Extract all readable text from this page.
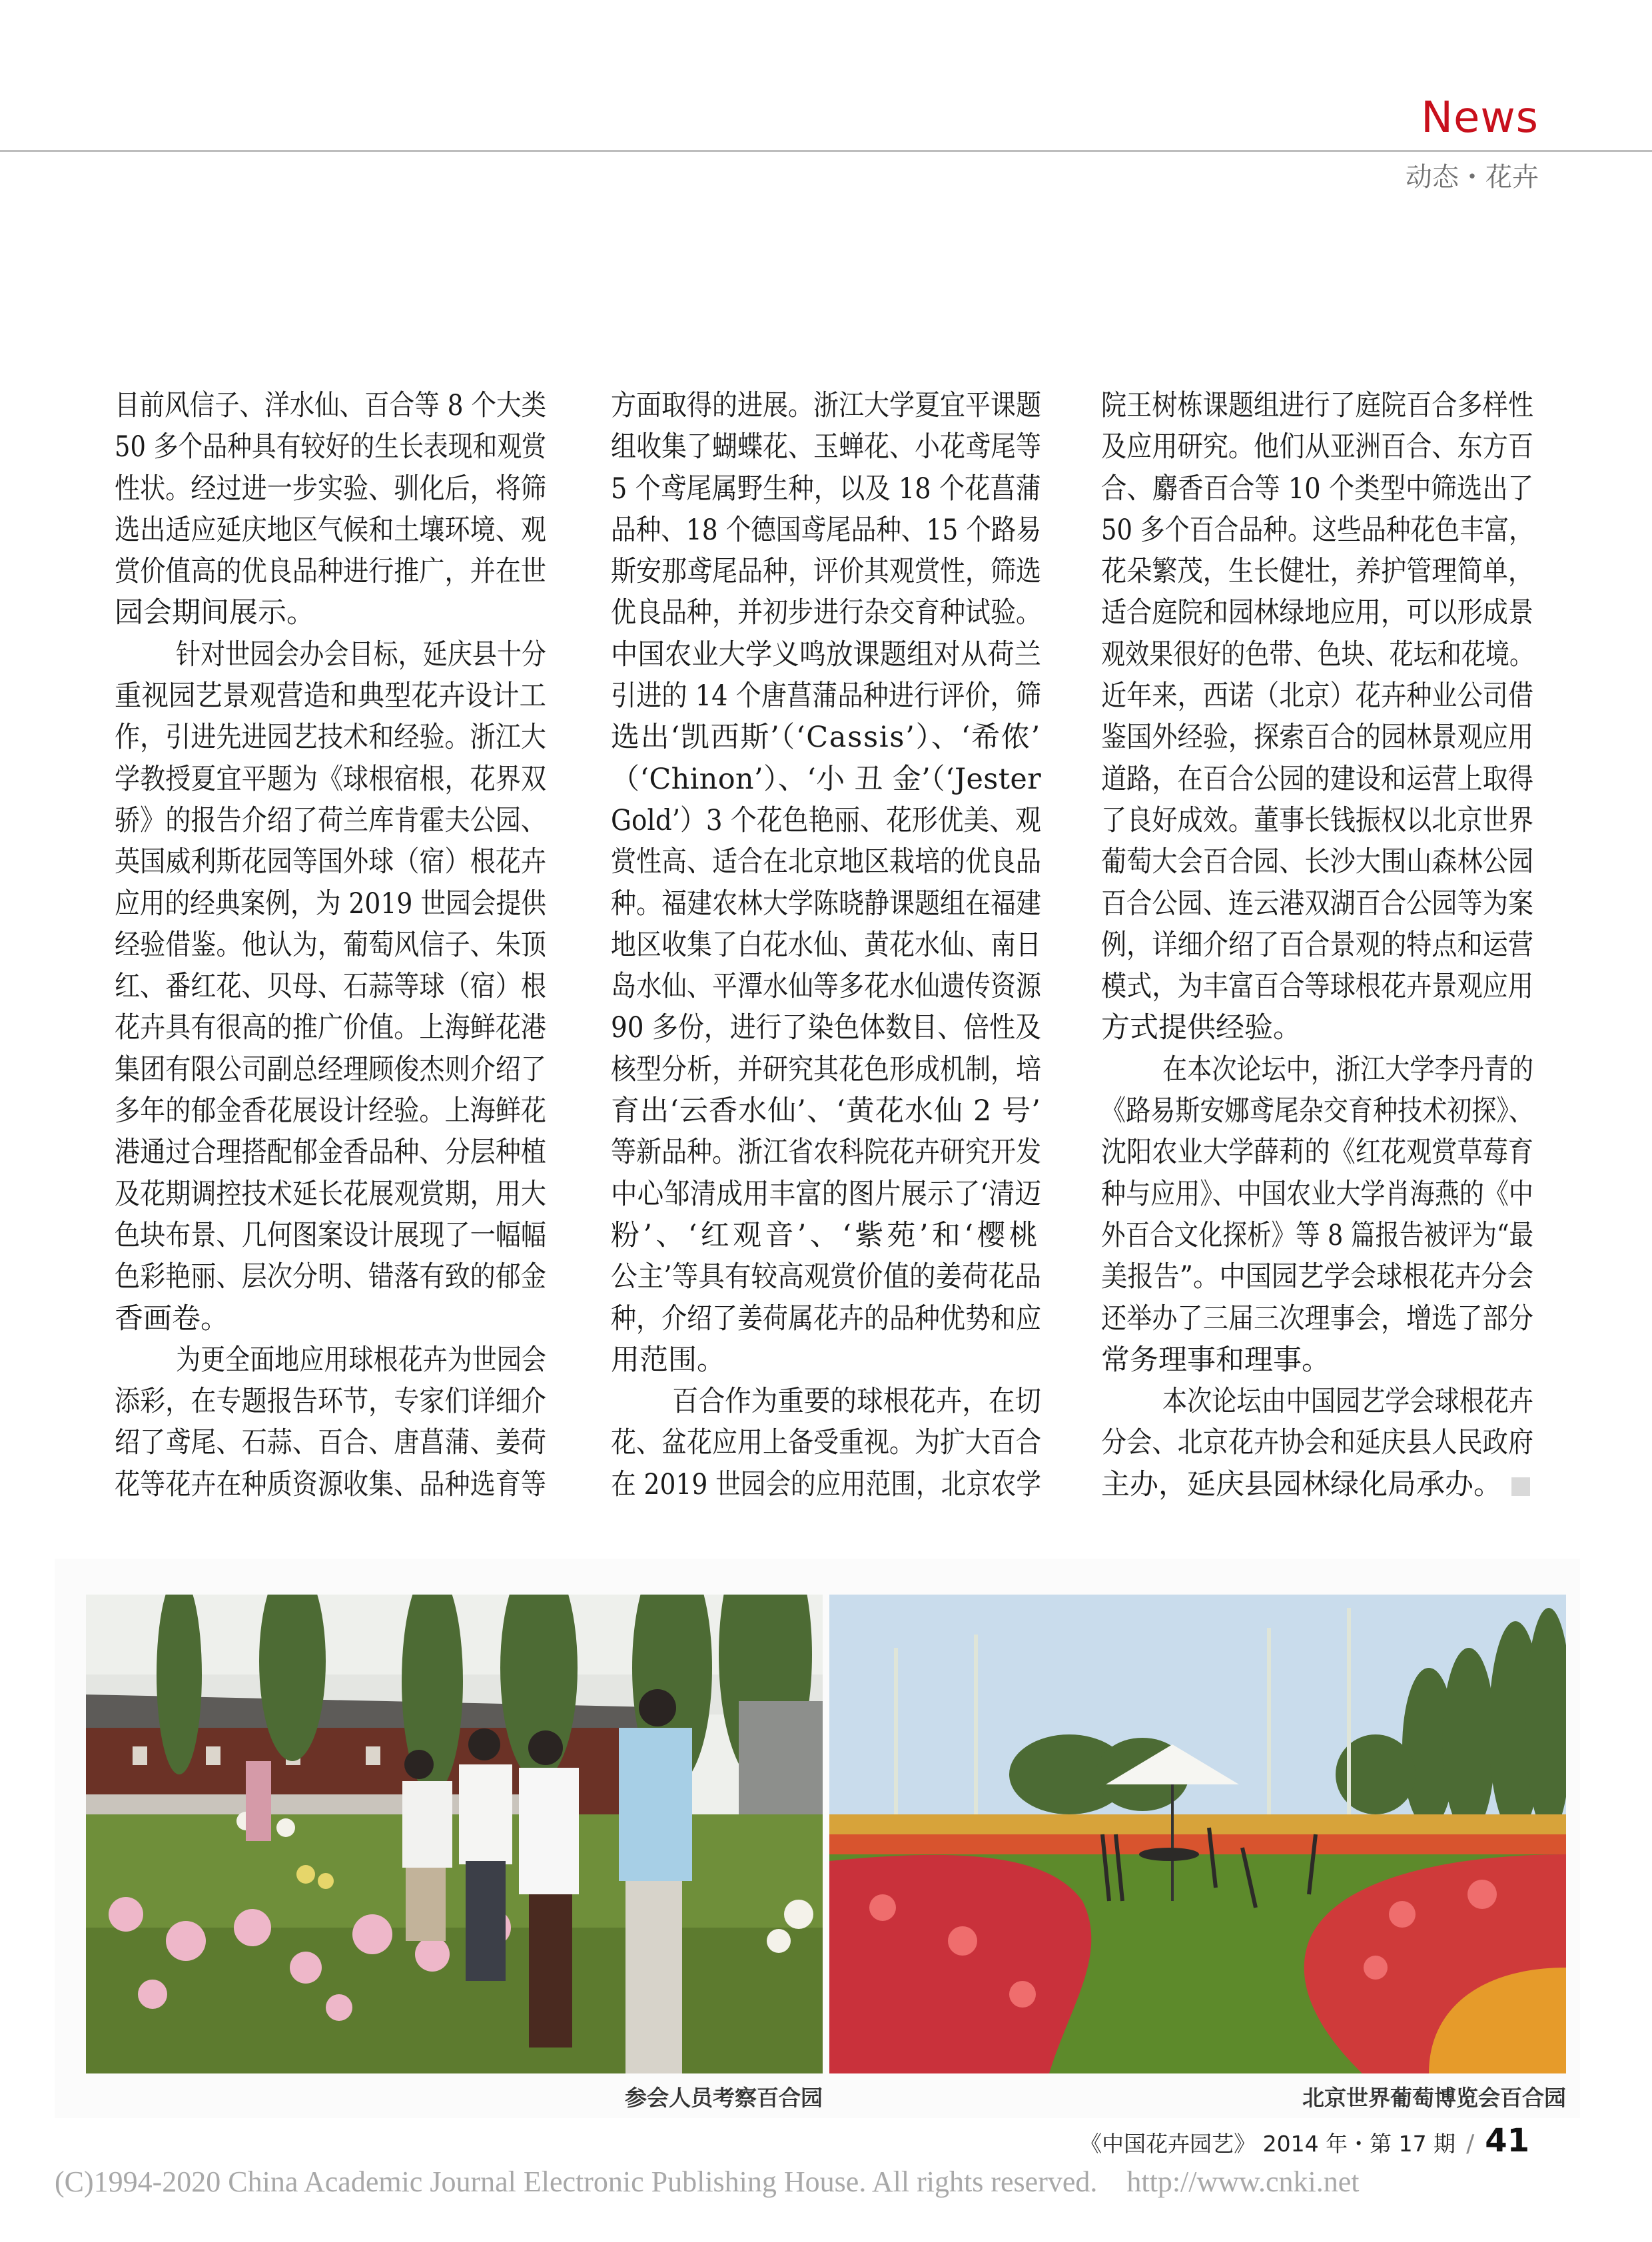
News
动态・花卉
目前风信子、洋水仙、百合等 8 个大类
50 多个品种具有较好的生长表现和观赏
性状。经过进一步实验、驯化后，将筛
选出适应延庆地区气候和土壤环境、观
赏价值高的优良品种进行推广，并在世
园会期间展示。
针对世园会办会目标，延庆县十分
重视园艺景观营造和典型花卉设计工
作，引进先进园艺技术和经验。浙江大
学教授夏宜平题为《球根宿根，花界双
骄》的报告介绍了荷兰库肯霍夫公园、
英国威利斯花园等国外球（宿）根花卉
应用的经典案例，为 2019 世园会提供
经验借鉴。他认为，葡萄风信子、朱顶
红、番红花、贝母、石蒜等球（宿）根
花卉具有很高的推广价值。上海鲜花港
集团有限公司副总经理顾俊杰则介绍了
多年的郁金香花展设计经验。上海鲜花
港通过合理搭配郁金香品种、分层种植
及花期调控技术延长花展观赏期，用大
色块布景、几何图案设计展现了一幅幅
色彩艳丽、层次分明、错落有致的郁金
香画卷。
为更全面地应用球根花卉为世园会
添彩，在专题报告环节，专家们详细介
绍了鸢尾、石蒜、百合、唐菖蒲、姜荷
花等花卉在种质资源收集、品种选育等
方面取得的进展。浙江大学夏宜平课题
组收集了蝴蝶花、玉蝉花、小花鸢尾等
5 个鸢尾属野生种，以及 18 个花菖蒲
品种、18 个德国鸢尾品种、15 个路易
斯安那鸢尾品种，评价其观赏性，筛选
优良品种，并初步进行杂交育种试验。
中国农业大学义鸣放课题组对从荷兰
引进的 14 个唐菖蒲品种进行评价，筛
选出‘凯西斯’（‘Cassis’）、‘希侬’
（‘Chinon’）、‘小 丑 金’（‘Jester
Gold’）3 个花色艳丽、花形优美、观
赏性高、适合在北京地区栽培的优良品
种。福建农林大学陈晓静课题组在福建
地区收集了白花水仙、黄花水仙、南日
岛水仙、平潭水仙等多花水仙遗传资源
90 多份，进行了染色体数目、倍性及
核型分析，并研究其花色形成机制，培
育出‘云香水仙’、‘黄花水仙 2 号’
等新品种。浙江省农科院花卉研究开发
中心邹清成用丰富的图片展示了‘清迈
粉’、‘红观音’、‘紫苑’和‘樱桃
公主’等具有较高观赏价值的姜荷花品
种，介绍了姜荷属花卉的品种优势和应
用范围。
百合作为重要的球根花卉，在切
花、盆花应用上备受重视。为扩大百合
在 2019 世园会的应用范围，北京农学
院王树栋课题组进行了庭院百合多样性
及应用研究。他们从亚洲百合、东方百
合、麝香百合等 10 个类型中筛选出了
50 多个百合品种。这些品种花色丰富，
花朵繁茂，生长健壮，养护管理简单，
适合庭院和园林绿地应用，可以形成景
观效果很好的色带、色块、花坛和花境。
近年来，西诺（北京）花卉种业公司借
鉴国外经验，探索百合的园林景观应用
道路，在百合公园的建设和运营上取得
了良好成效。董事长钱振权以北京世界
葡萄大会百合园、长沙大围山森林公园
百合公园、连云港双湖百合公园等为案
例，详细介绍了百合景观的特点和运营
模式，为丰富百合等球根花卉景观应用
方式提供经验。
在本次论坛中，浙江大学李丹青的
《路易斯安娜鸢尾杂交育种技术初探》、
沈阳农业大学薛莉的《红花观赏草莓育
种与应用》、中国农业大学肖海燕的《中
外百合文化探析》等 8 篇报告被评为“最
美报告”。中国园艺学会球根花卉分会
还举办了三届三次理事会，增选了部分
常务理事和理事。
本次论坛由中国园艺学会球根花卉
分会、北京花卉协会和延庆县人民政府
主办，延庆县园林绿化局承办。
参会人员考察百合园	北京世界葡萄博览会百合园
《中国花卉园艺》 2014 年・第 17 期 / 41
(C)1994-2020 China Academic Journal Electronic Publishing House. All rights reserved.    http://www.cnki.net
